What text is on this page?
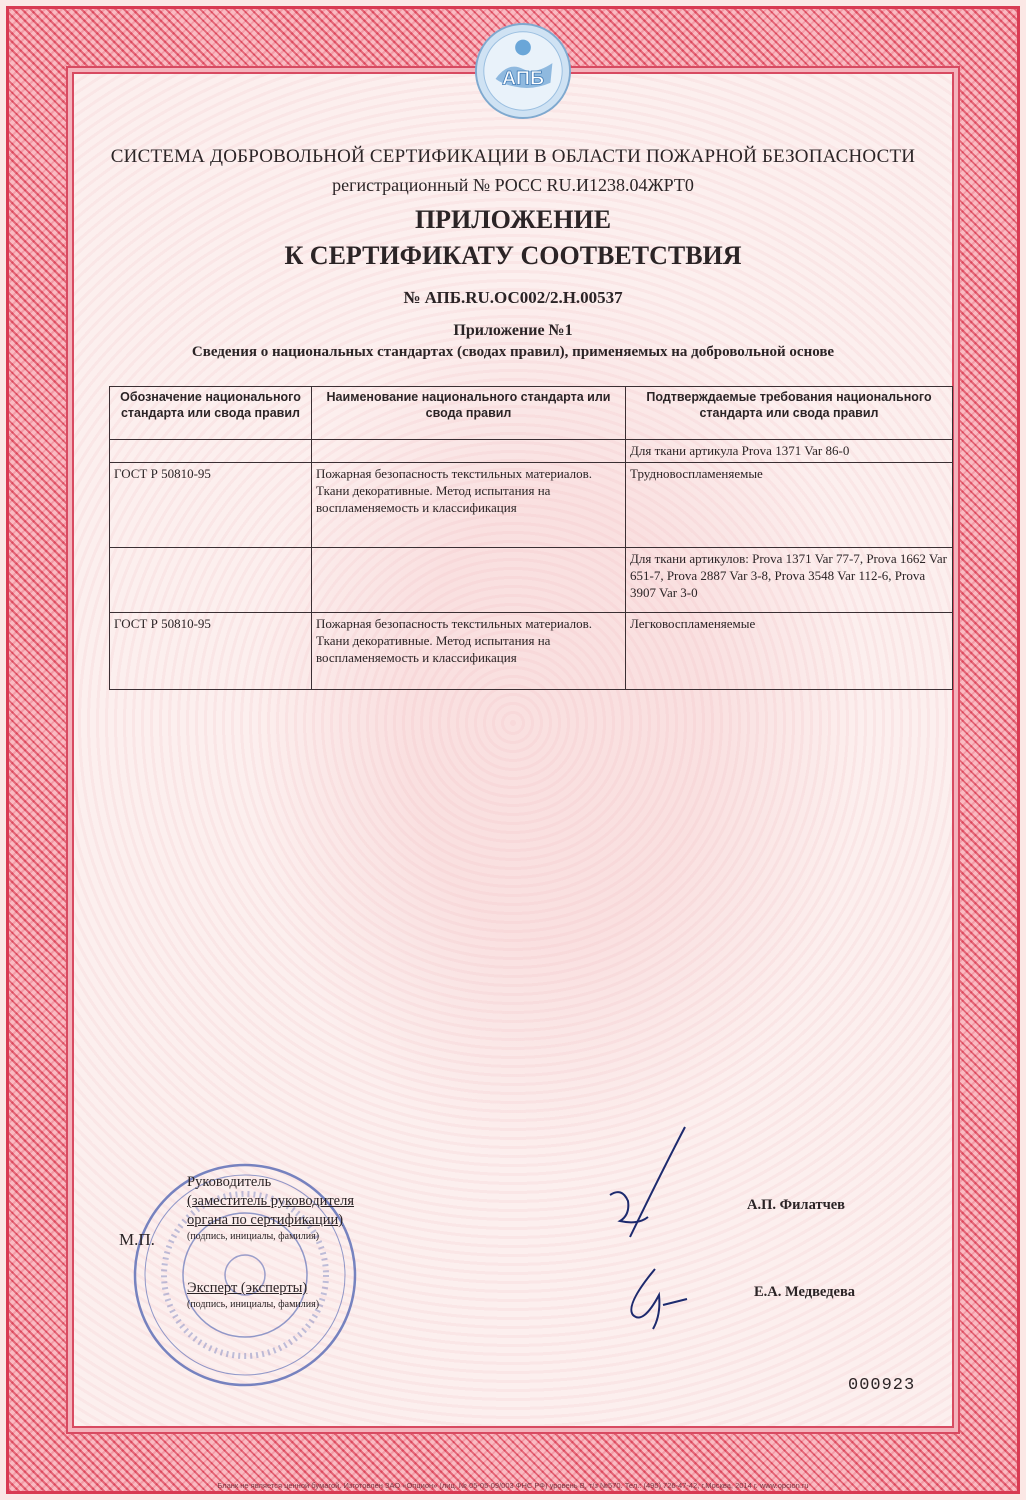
АПБ
СИСТЕМА ДОБРОВОЛЬНОЙ СЕРТИФИКАЦИИ В ОБЛАСТИ ПОЖАРНОЙ БЕЗОПАСНОСТИ
регистрационный № РОСС RU.И1238.04ЖРТ0
ПРИЛОЖЕНИЕ
К СЕРТИФИКАТУ СООТВЕТСТВИЯ
№ АПБ.RU.ОС002/2.Н.00537
Приложение №1
Сведения о национальных стандартах (сводах правил), применяемых на добровольной основе
Обозначение национального стандарта или свода правил	Наименование национального стандарта или свода правил	Подтверждаемые требования национального стандарта или свода правил
		Для ткани артикула Prova 1371 Var 86-0
ГОСТ Р 50810-95	Пожарная безопасность текстильных материалов. Ткани декоративные. Метод испытания на воспламеняемость и классификация	Трудновоспламеняемые
		Для ткани артикулов: Prova 1371 Var 77-7, Prova 1662 Var 651-7, Prova 2887 Var 3-8, Prova 3548 Var 112-6, Prova 3907 Var 3-0
ГОСТ Р 50810-95	Пожарная безопасность текстильных материалов. Ткани декоративные. Метод испытания на воспламеняемость и классификация	Легковоспламеняемые
М.П.
Руководитель
(заместитель руководителя
органа по сертификации)
(подпись, инициалы, фамилия)
Эксперт (эксперты)
(подпись, инициалы, фамилия)
А.П. Филатчев
Е.А. Медведева
000923
Бланк не является ценной бумагой. Изготовлен ЗАО «Опцион» (лиц. № 05-05-09/003 ФНС РФ) уровень В, т/з №570. Тел.: (495) 726-47-42, г.Москва, 2014 г. www.opcion.ru
